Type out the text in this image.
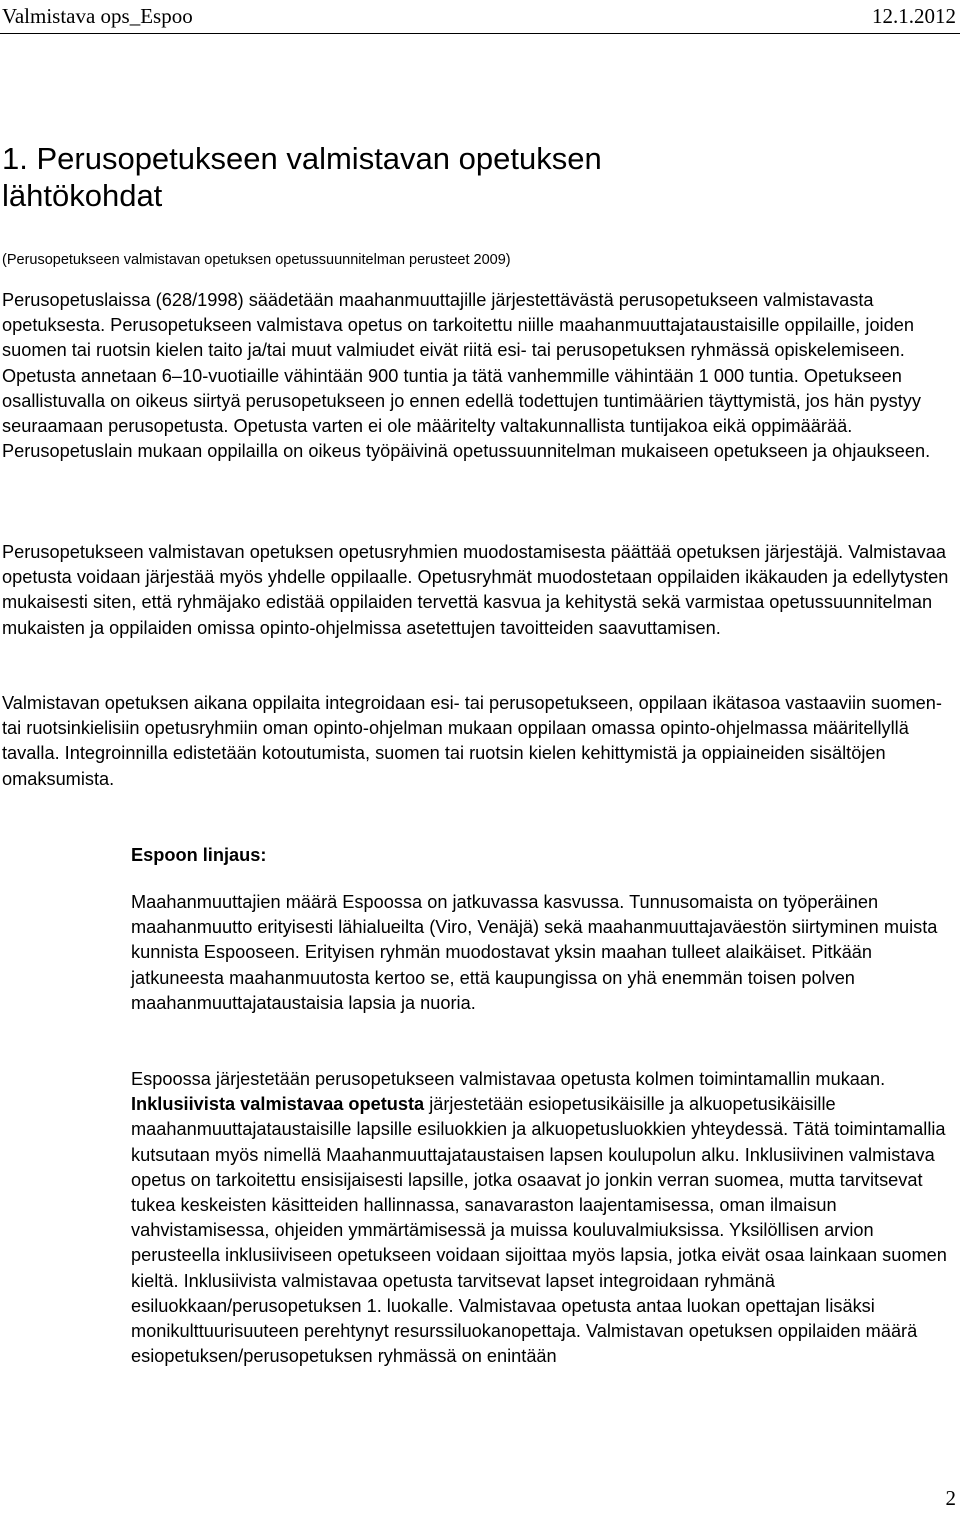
Valmistava ops_Espoo	12.1.2012
1. Perusopetukseen valmistavan opetuksen
lähtökohdat
(Perusopetukseen valmistavan opetuksen opetussuunnitelman perusteet 2009)

Perusopetuslaissa (628/1998) säädetään maahanmuuttajille järjestettävästä perusopetukseen valmistavasta opetuksesta. Perusopetukseen valmistava opetus on tarkoitettu niille maahanmuuttajataustaisille oppilaille, joiden suomen tai ruotsin kielen taito ja/tai muut valmiudet eivät riitä esi- tai perusopetuksen ryhmässä opiskelemiseen. Opetusta annetaan 6–10-vuotiaille vähintään 900 tuntia ja tätä vanhemmille vähintään 1 000 tuntia. Opetukseen osallistuvalla on oikeus siirtyä perusopetukseen jo ennen edellä todettujen tuntimäärien täyttymistä, jos hän pystyy seuraamaan perusopetusta. Opetusta varten ei ole määritelty valtakunnallista tuntijakoa eikä oppimäärää. Perusopetuslain mukaan oppilailla on oikeus työpäivinä opetussuunnitelman mukaiseen opetukseen ja ohjaukseen.

Perusopetukseen valmistavan opetuksen opetusryhmien muodostamisesta päättää opetuksen järjestäjä. Valmistavaa opetusta voidaan järjestää myös yhdelle oppilaalle. Opetusryhmät muodostetaan oppilaiden ikäkauden ja edellytysten mukaisesti siten, että ryhmäjako edistää oppilaiden tervettä kasvua ja kehitystä sekä varmistaa opetussuunnitelman mukaisten ja oppilaiden omissa opinto-ohjelmissa asetettujen tavoitteiden saavuttamisen.

Valmistavan opetuksen aikana oppilaita integroidaan esi- tai perusopetukseen, oppilaan ikätasoa vastaaviin suomen- tai ruotsinkielisiin opetusryhmiin oman opinto-ohjelman mukaan oppilaan omassa opinto-ohjelmassa määritellyllä tavalla. Integroinnilla edistetään kotoutumista, suomen tai ruotsin kielen kehittymistä ja oppiaineiden sisältöjen omaksumista.

Espoon linjaus:

Maahanmuuttajien määrä Espoossa on jatkuvassa kasvussa. Tunnusomaista on työperäinen maahanmuutto erityisesti lähialueilta (Viro, Venäjä) sekä maahanmuuttajaväestön siirtyminen muista kunnista Espooseen. Erityisen ryhmän muodostavat yksin maahan tulleet alaikäiset. Pitkään jatkuneesta maahanmuutosta kertoo se, että kaupungissa on yhä enemmän toisen polven maahanmuuttajataustaisia lapsia ja nuoria.

Espoossa järjestetään perusopetukseen valmistavaa opetusta kolmen toimintamallin mukaan. Inklusiivista valmistavaa opetusta järjestetään esiopetusikäisille ja alkuopetusikäisille maahanmuuttajataustaisille lapsille esiluokkien ja alkuopetusluokkien yhteydessä. Tätä toimintamallia kutsutaan myös nimellä Maahanmuuttajataustaisen lapsen koulupolun alku. Inklusiivinen valmistava opetus on tarkoitettu ensisijaisesti lapsille, jotka osaavat jo jonkin verran suomea, mutta tarvitsevat tukea keskeisten käsitteiden hallinnassa, sanavaraston laajentamisessa, oman ilmaisun vahvistamisessa, ohjeiden ymmärtämisessä ja muissa kouluvalmiuksissa. Yksilöllisen arvion perusteella inklusiiviseen opetukseen voidaan sijoittaa myös lapsia, jotka eivät osaa lainkaan suomen kieltä. Inklusiivista valmistavaa opetusta tarvitsevat lapset integroidaan ryhmänä esiluokkaan/perusopetuksen 1. luokalle. Valmistavaa opetusta antaa luokan opettajan lisäksi monikulttuurisuuteen perehtynyt resurssiluokanopettaja. Valmistavan opetuksen oppilaiden määrä esiopetuksen/perusopetuksen ryhmässä on enintään

2
